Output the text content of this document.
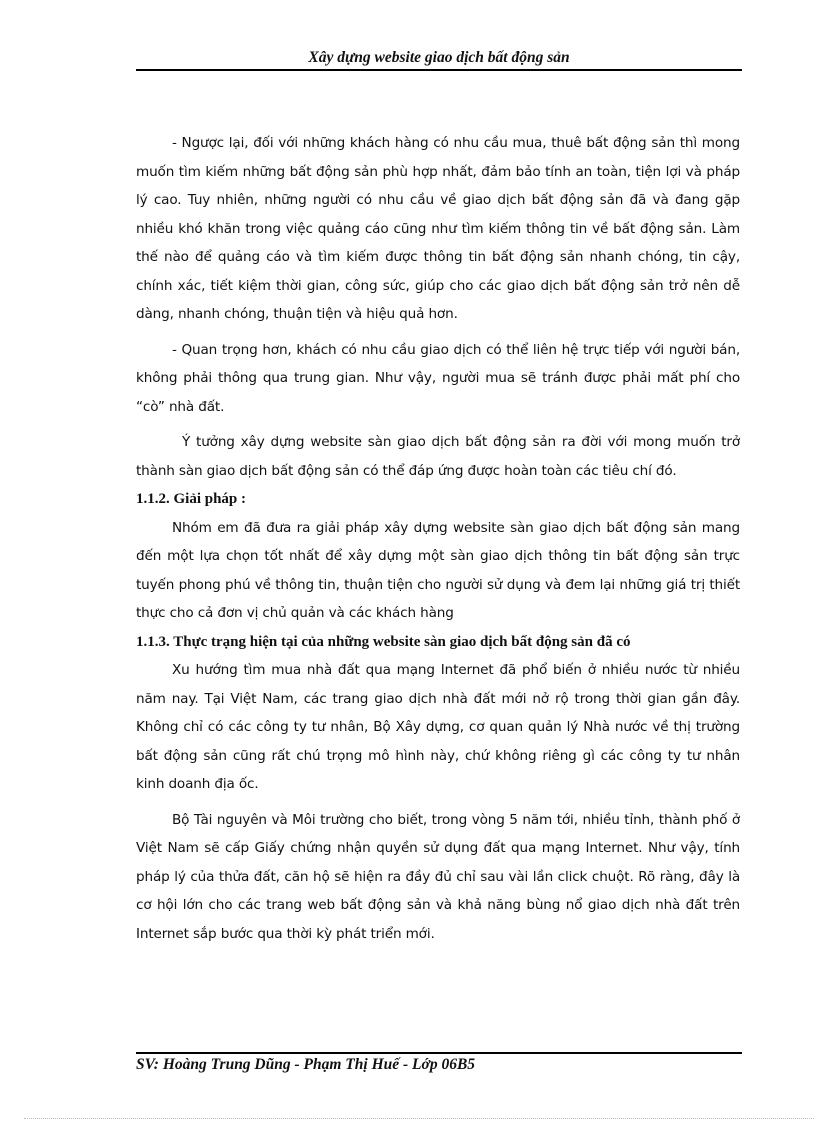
Xây dựng website giao dịch bất động sản

- Ngược lại, đối với những khách hàng có nhu cầu mua, thuê bất động sản thì mong muốn tìm kiếm những bất động sản phù hợp nhất, đảm bảo tính an toàn, tiện lợi và pháp lý cao. Tuy nhiên, những người có nhu cầu về giao dịch bất động sản đã và đang gặp nhiều khó khăn trong việc quảng cáo cũng như tìm kiếm thông tin về bất động sản. Làm thế nào để quảng cáo và tìm kiếm được thông tin bất động sản nhanh chóng, tin cậy, chính xác, tiết kiệm thời gian, công sức, giúp cho các giao dịch bất động sản trở nên dễ dàng, nhanh chóng, thuận tiện và hiệu quả hơn.

- Quan trọng hơn, khách có nhu cầu giao dịch có thể liên hệ trực tiếp với người bán, không phải thông qua trung gian. Như vậy, người mua sẽ tránh được phải mất phí cho “cò” nhà đất.

Ý tưởng xây dựng website sàn giao dịch bất động sản ra đời với mong muốn trở thành sàn giao dịch bất động sản có thể đáp ứng được hoàn toàn các tiêu chí đó.

1.1.2. Giải pháp :

Nhóm em đã đưa ra giải pháp xây dựng website sàn giao dịch bất động sản mang đến một lựa chọn tốt nhất để xây dựng một sàn giao dịch thông tin bất động sản trực tuyến phong phú về thông tin, thuận tiện cho người sử dụng và đem lại những giá trị thiết thực cho cả đơn vị chủ quản và các khách hàng

1.1.3. Thực trạng hiện tại của những website sàn giao dịch bất động sản đã có

Xu hướng tìm mua nhà đất qua mạng Internet đã phổ biến ở nhiều nước từ nhiều năm nay. Tại Việt Nam, các trang giao dịch nhà đất mới nở rộ trong thời gian gần đây. Không chỉ có các công ty tư nhân, Bộ Xây dựng, cơ quan quản lý Nhà nước về thị trường bất động sản cũng rất chú trọng mô hình này, chứ không riêng gì các công ty tư nhân kinh doanh địa ốc.

Bộ Tài nguyên và Môi trường cho biết, trong vòng 5 năm tới, nhiều tỉnh, thành phố ở Việt Nam sẽ cấp Giấy chứng nhận quyền sử dụng đất qua mạng Internet. Như vậy, tính pháp lý của thửa đất, căn hộ sẽ hiện ra đầy đủ chỉ sau vài lần click chuột. Rõ ràng, đây là cơ hội lớn cho các trang web bất động sản và khả năng bùng nổ giao dịch nhà đất trên Internet sắp bước qua thời kỳ phát triển mới.

SV: Hoàng Trung Dũng - Phạm Thị Huế - Lớp 06B5
